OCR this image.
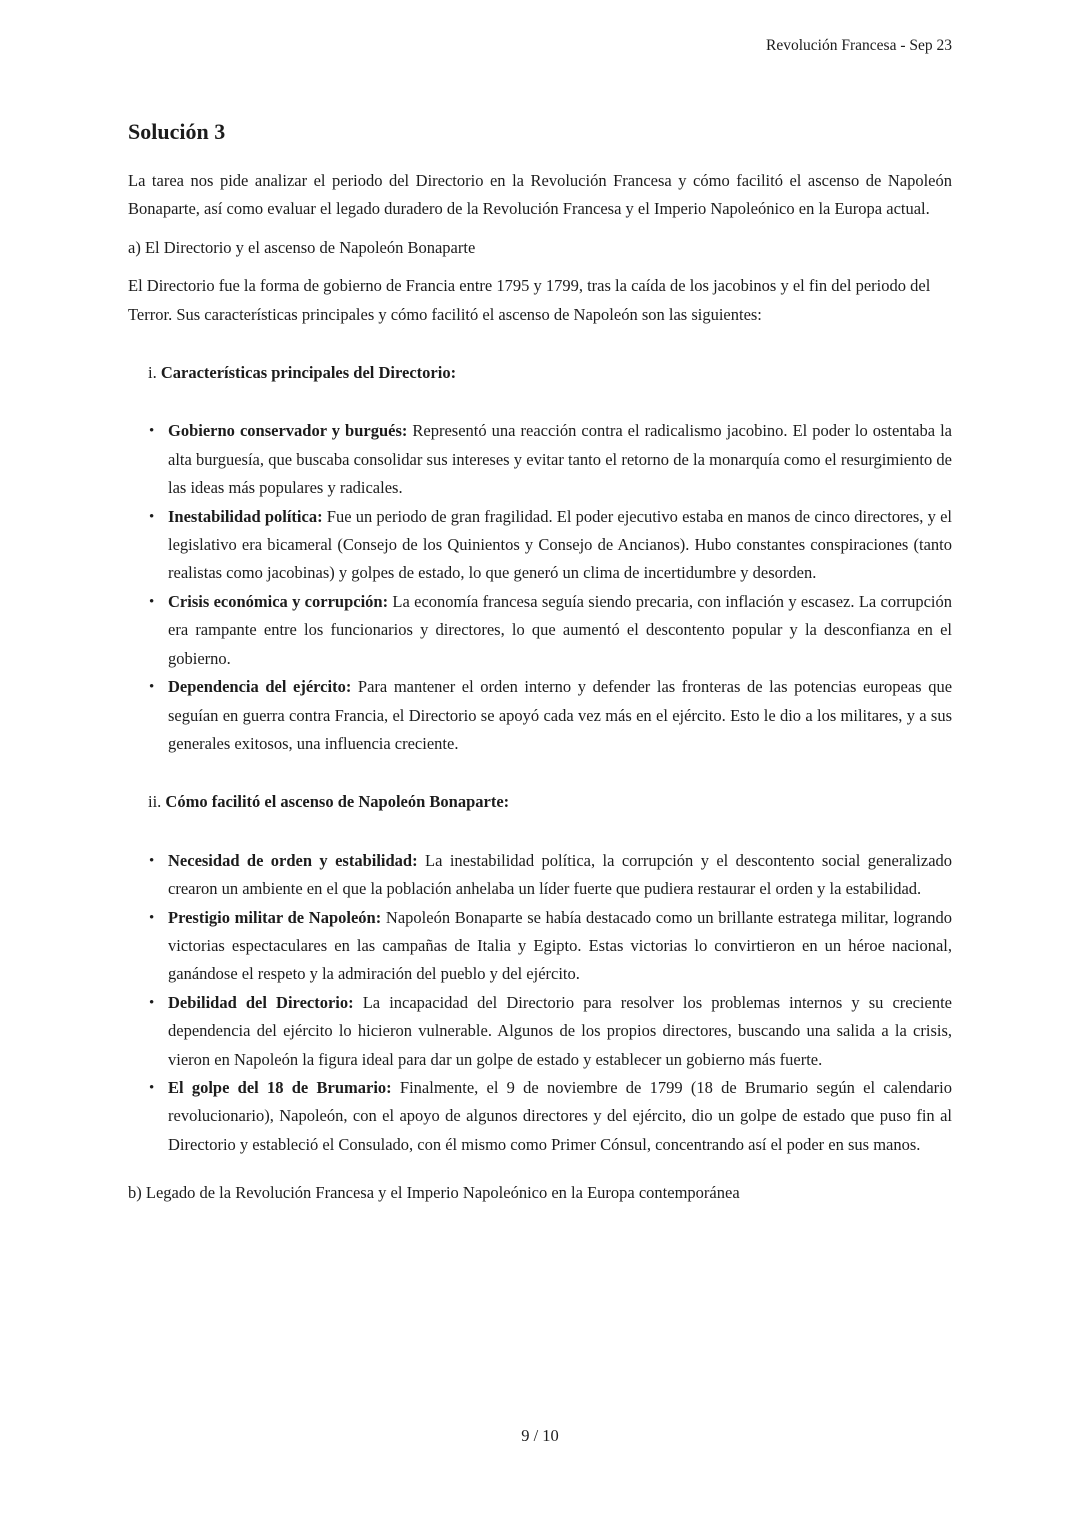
Revolución Francesa - Sep 23
Solución 3

La tarea nos pide analizar el periodo del Directorio en la Revolución Francesa y cómo facilitó el ascenso de Napoleón Bonaparte, así como evaluar el legado duradero de la Revolución Francesa y el Imperio Napoleónico en la Europa actual.

a) El Directorio y el ascenso de Napoleón Bonaparte

El Directorio fue la forma de gobierno de Francia entre 1795 y 1799, tras la caída de los jacobinos y el fin del periodo del Terror. Sus características principales y cómo facilitó el ascenso de Napoleón son las siguientes:

i. Características principales del Directorio:
• Gobierno conservador y burgués: Representó una reacción contra el radicalismo jacobino. El poder lo ostentaba la alta burguesía, que buscaba consolidar sus intereses y evitar tanto el retorno de la monarquía como el resurgimiento de las ideas más populares y radicales.
• Inestabilidad política: Fue un periodo de gran fragilidad. El poder ejecutivo estaba en manos de cinco directores, y el legislativo era bicameral (Consejo de los Quinientos y Consejo de Ancianos). Hubo constantes conspiraciones (tanto realistas como jacobinas) y golpes de estado, lo que generó un clima de incertidumbre y desorden.
• Crisis económica y corrupción: La economía francesa seguía siendo precaria, con inflación y escasez. La corrupción era rampante entre los funcionarios y directores, lo que aumentó el descontento popular y la desconfianza en el gobierno.
• Dependencia del ejército: Para mantener el orden interno y defender las fronteras de las potencias europeas que seguían en guerra contra Francia, el Directorio se apoyó cada vez más en el ejército. Esto le dio a los militares, y a sus generales exitosos, una influencia creciente.
ii. Cómo facilitó el ascenso de Napoleón Bonaparte:
• Necesidad de orden y estabilidad: La inestabilidad política, la corrupción y el descontento social generalizado crearon un ambiente en el que la población anhelaba un líder fuerte que pudiera restaurar el orden y la estabilidad.
• Prestigio militar de Napoleón: Napoleón Bonaparte se había destacado como un brillante estratega militar, logrando victorias espectaculares en las campañas de Italia y Egipto. Estas victorias lo convirtieron en un héroe nacional, ganándose el respeto y la admiración del pueblo y del ejército.
• Debilidad del Directorio: La incapacidad del Directorio para resolver los problemas internos y su creciente dependencia del ejército lo hicieron vulnerable. Algunos de los propios directores, buscando una salida a la crisis, vieron en Napoleón la figura ideal para dar un golpe de estado y establecer un gobierno más fuerte.
• El golpe del 18 de Brumario: Finalmente, el 9 de noviembre de 1799 (18 de Brumario según el calendario revolucionario), Napoleón, con el apoyo de algunos directores y del ejército, dio un golpe de estado que puso fin al Directorio y estableció el Consulado, con él mismo como Primer Cónsul, concentrando así el poder en sus manos.

b) Legado de la Revolución Francesa y el Imperio Napoleónico en la Europa contemporánea

9 / 10
